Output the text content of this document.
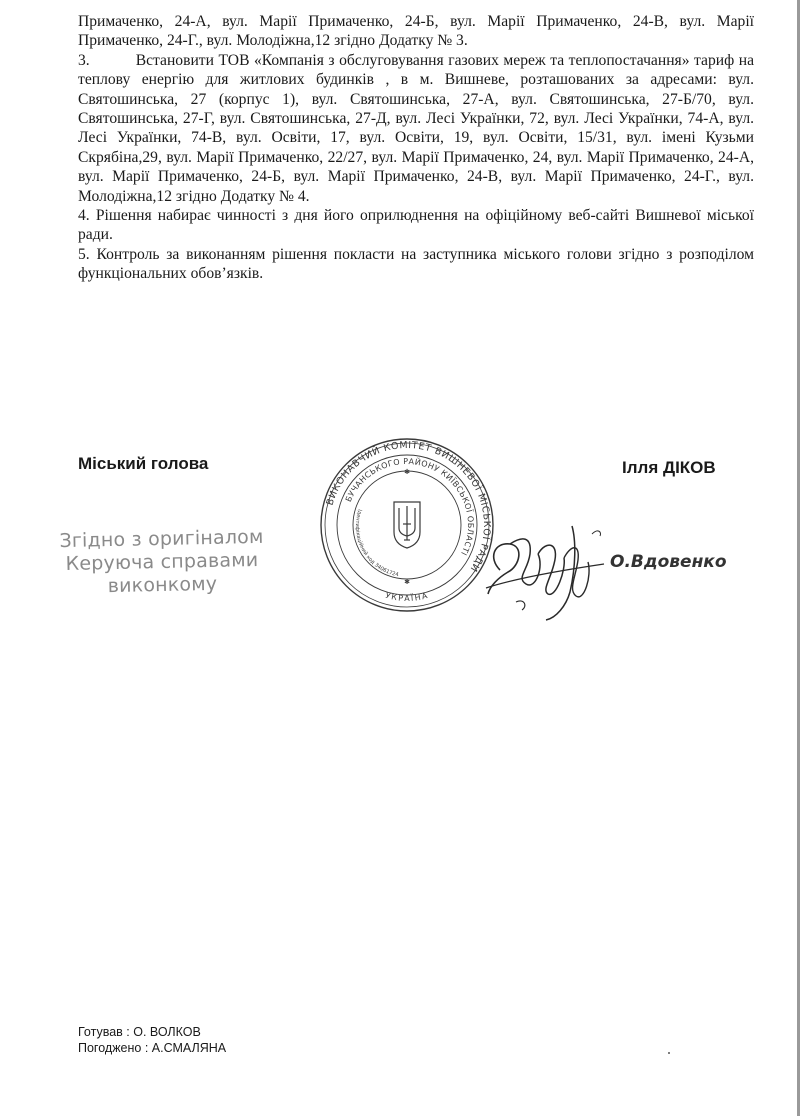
Примаченко, 24-А, вул. Марії Примаченко, 24-Б, вул. Марії Примаченко, 24-В, вул. Марії Примаченко, 24-Г., вул. Молодіжна,12 згідно Додатку № 3.

3.	Встановити ТОВ «Компанія з обслуговування газових мереж та теплопостачання» тариф на теплову енергію для житлових будинків , в м. Вишневе, розташованих за адресами: вул. Святошинська, 27 (корпус 1), вул. Святошинська, 27-А, вул. Святошинська, 27-Б/70, вул. Святошинська, 27-Г, вул. Святошинська, 27-Д, вул. Лесі Українки, 72, вул. Лесі Українки, 74-А, вул. Лесі Українки, 74-В, вул. Освіти, 17, вул. Освіти, 19, вул. Освіти, 15/31, вул. імені Кузьми Скрябіна,29, вул. Марії Примаченко, 22/27, вул. Марії Примаченко, 24, вул. Марії Примаченко, 24-А, вул. Марії Примаченко, 24-Б, вул. Марії Примаченко, 24-В, вул. Марії Примаченко, 24-Г., вул. Молодіжна,12 згідно Додатку № 4.

4. Рішення набирає чинності з дня його оприлюднення на офіційному веб-сайті Вишневої міської ради.

5. Контроль за виконанням рішення покласти на заступника міського голови згідно з розподілом функціональних обов’язків.

Міський голова	Ілля ДІКОВ
Згідно з оригіналом
Керуюча справами
виконкому
ВИКОНАВЧИЙ КОМІТЕТ ВИШНЕВОЇ МІСЬКОЇ РАДИ
БУЧАНСЬКОГО РАЙОНУ КИЇВСЬКОЇ ОБЛАСТІ
УКРАЇНА
Ідентифікаційний код 34061724
✱
✱
О.Вдовенко
Готував : О. ВОЛКОВ
Погоджено : А.СМАЛЯНА
